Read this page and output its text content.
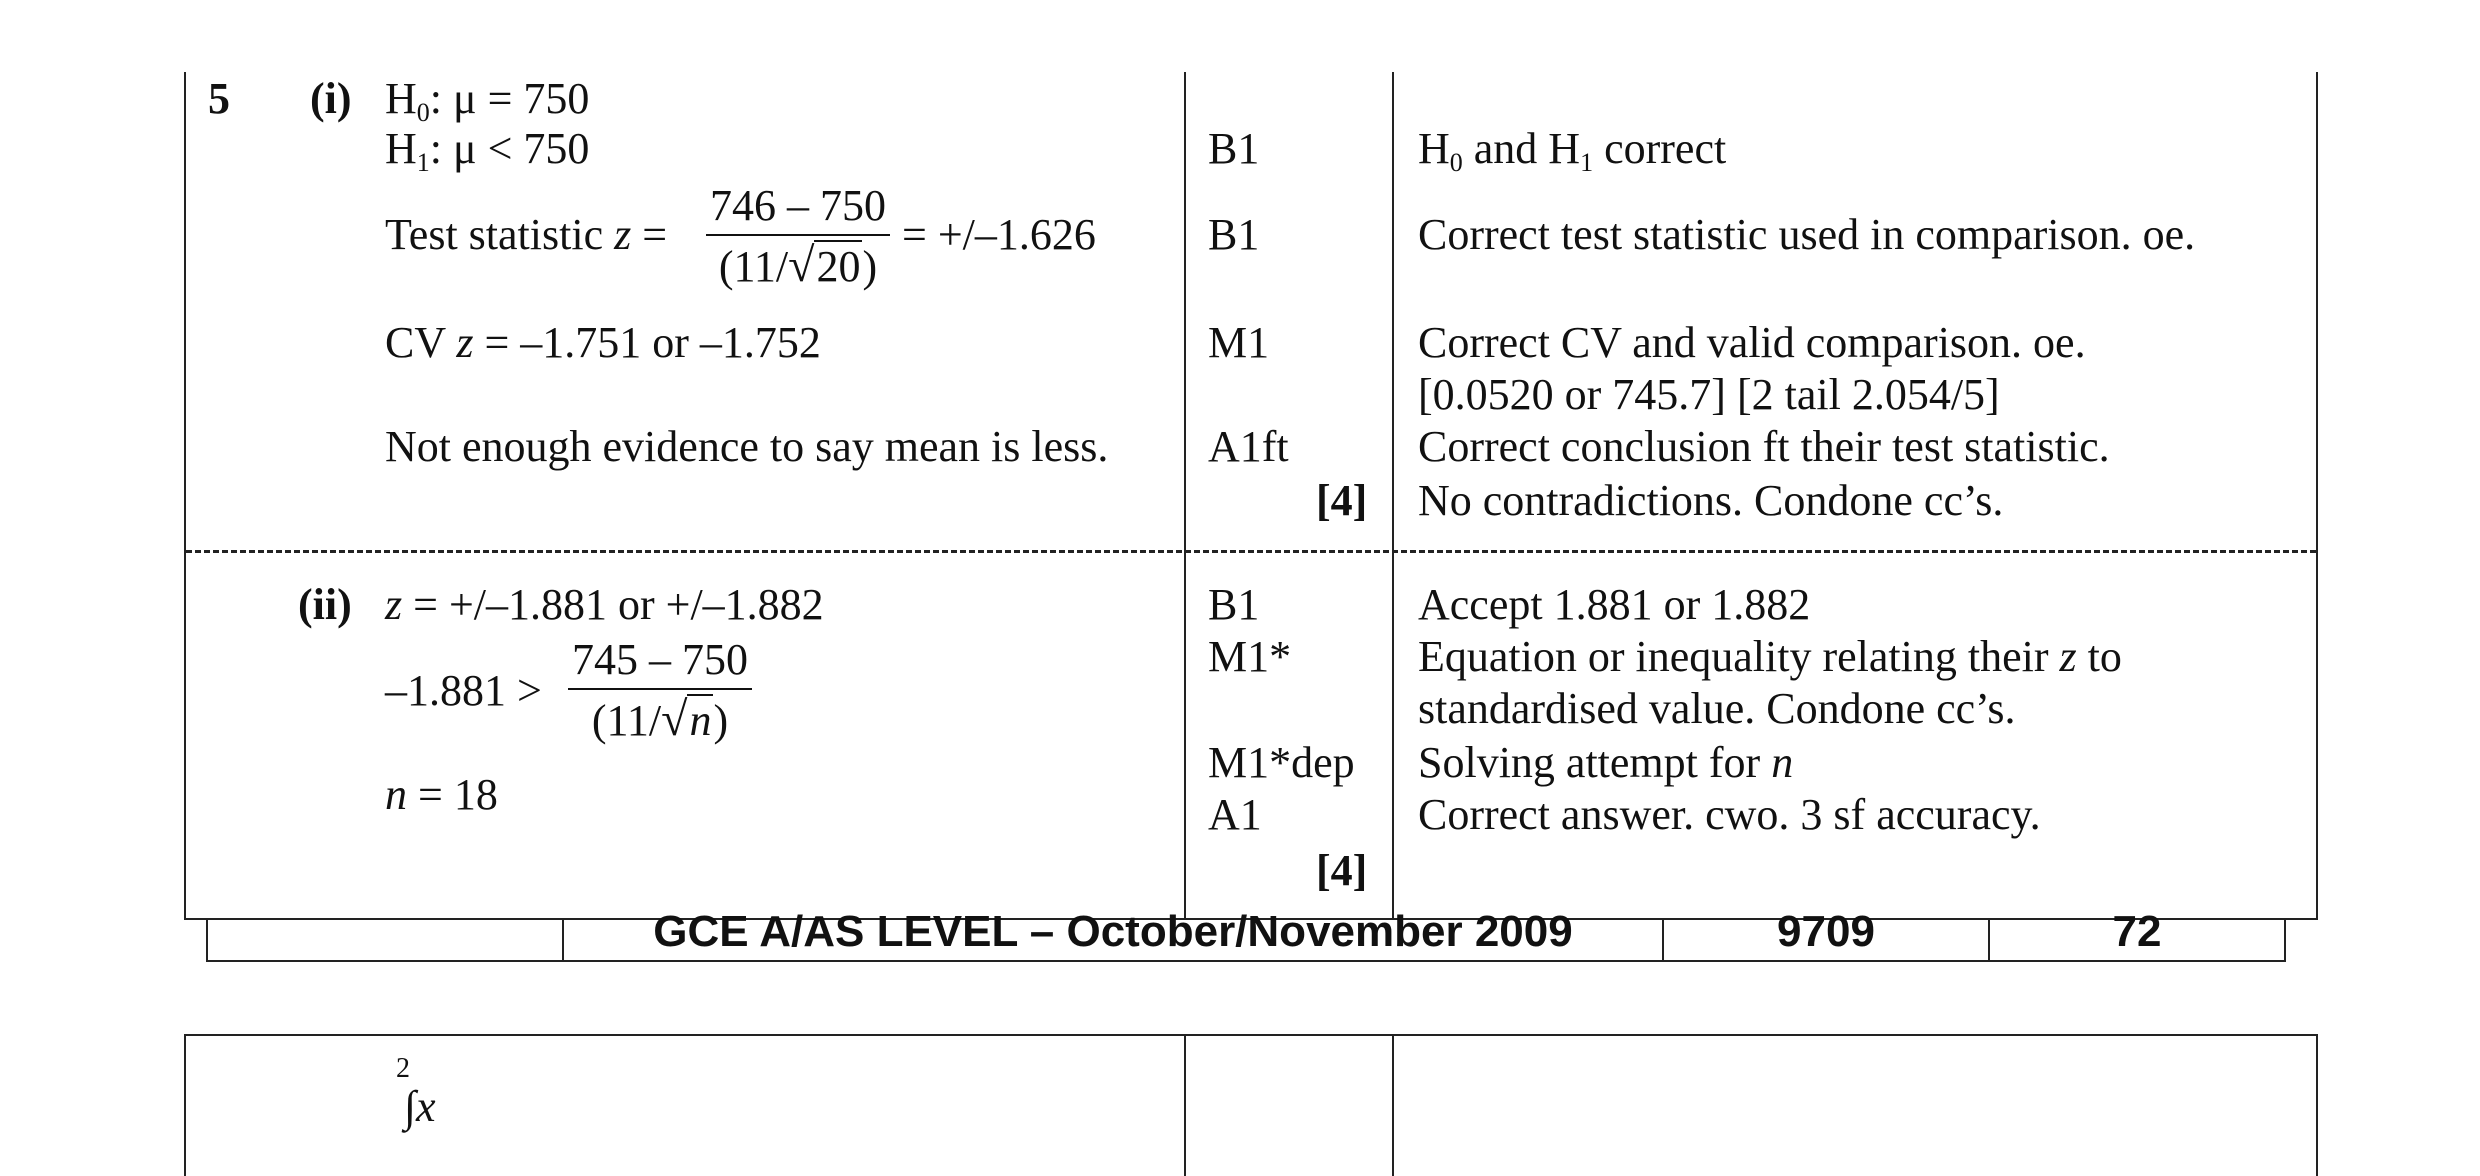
5 (i) $H_0$: μ = 750
$H_1$: μ < 750
Test statistic z =
746 – 750
(11/√20)
= +/–1.626
CV z = –1.751 or –1.752
Not enough evidence to say mean is less.
B1
B1
M1
A1ft
[4]
$H_0$ and $H_1$ correct
Correct test statistic used in comparison. oe.
Correct CV and valid comparison. oe.
[0.0520 or 745.7] [2 tail 2.054/5]
Correct conclusion ft their test statistic.
No contradictions. Condone cc’s.
(ii) z = +/–1.881 or +/–1.882
–1.881 >
745 – 750
(11/√n)
n = 18
B1
M1*
M1*dep
A1
[4]
Accept 1.881 or 1.882
Equation or inequality relating their z to
standardised value. Condone cc’s.
Solving attempt for n
Correct answer. cwo. 3 sf accuracy.
GCE A/AS LEVEL – October/November 2009	9709	72
2
∫x
